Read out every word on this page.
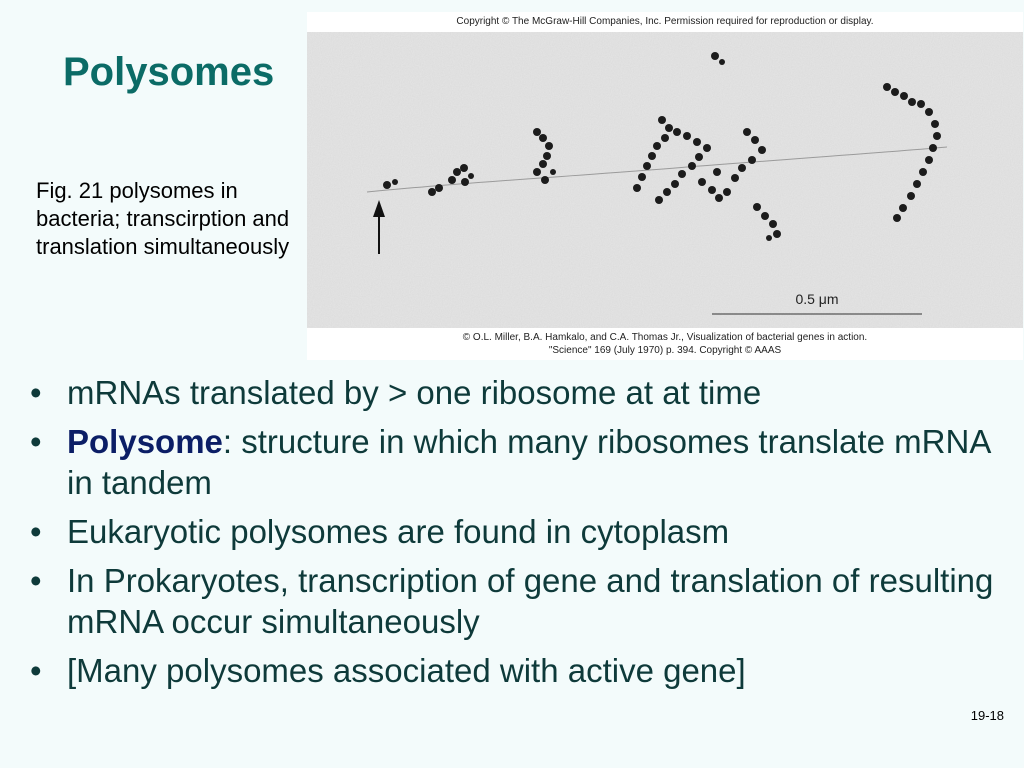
Polysomes
Fig. 21 polysomes in bacteria; transcirption and translation simultaneously
Copyright © The McGraw-Hill Companies, Inc. Permission required for reproduction or display.
0.5 μm
© O.L. Miller, B.A. Hamkalo, and C.A. Thomas Jr., Visualization of bacterial genes in action.
"Science" 169 (July 1970) p. 394. Copyright © AAAS
• mRNAs translated by > one ribosome at at time
• Polysome: structure in which many ribosomes translate mRNA in tandem
• Eukaryotic polysomes are found in cytoplasm
• In Prokaryotes, transcription of gene and translation of resulting mRNA occur simultaneously
• [Many polysomes associated with active gene]
19-18
